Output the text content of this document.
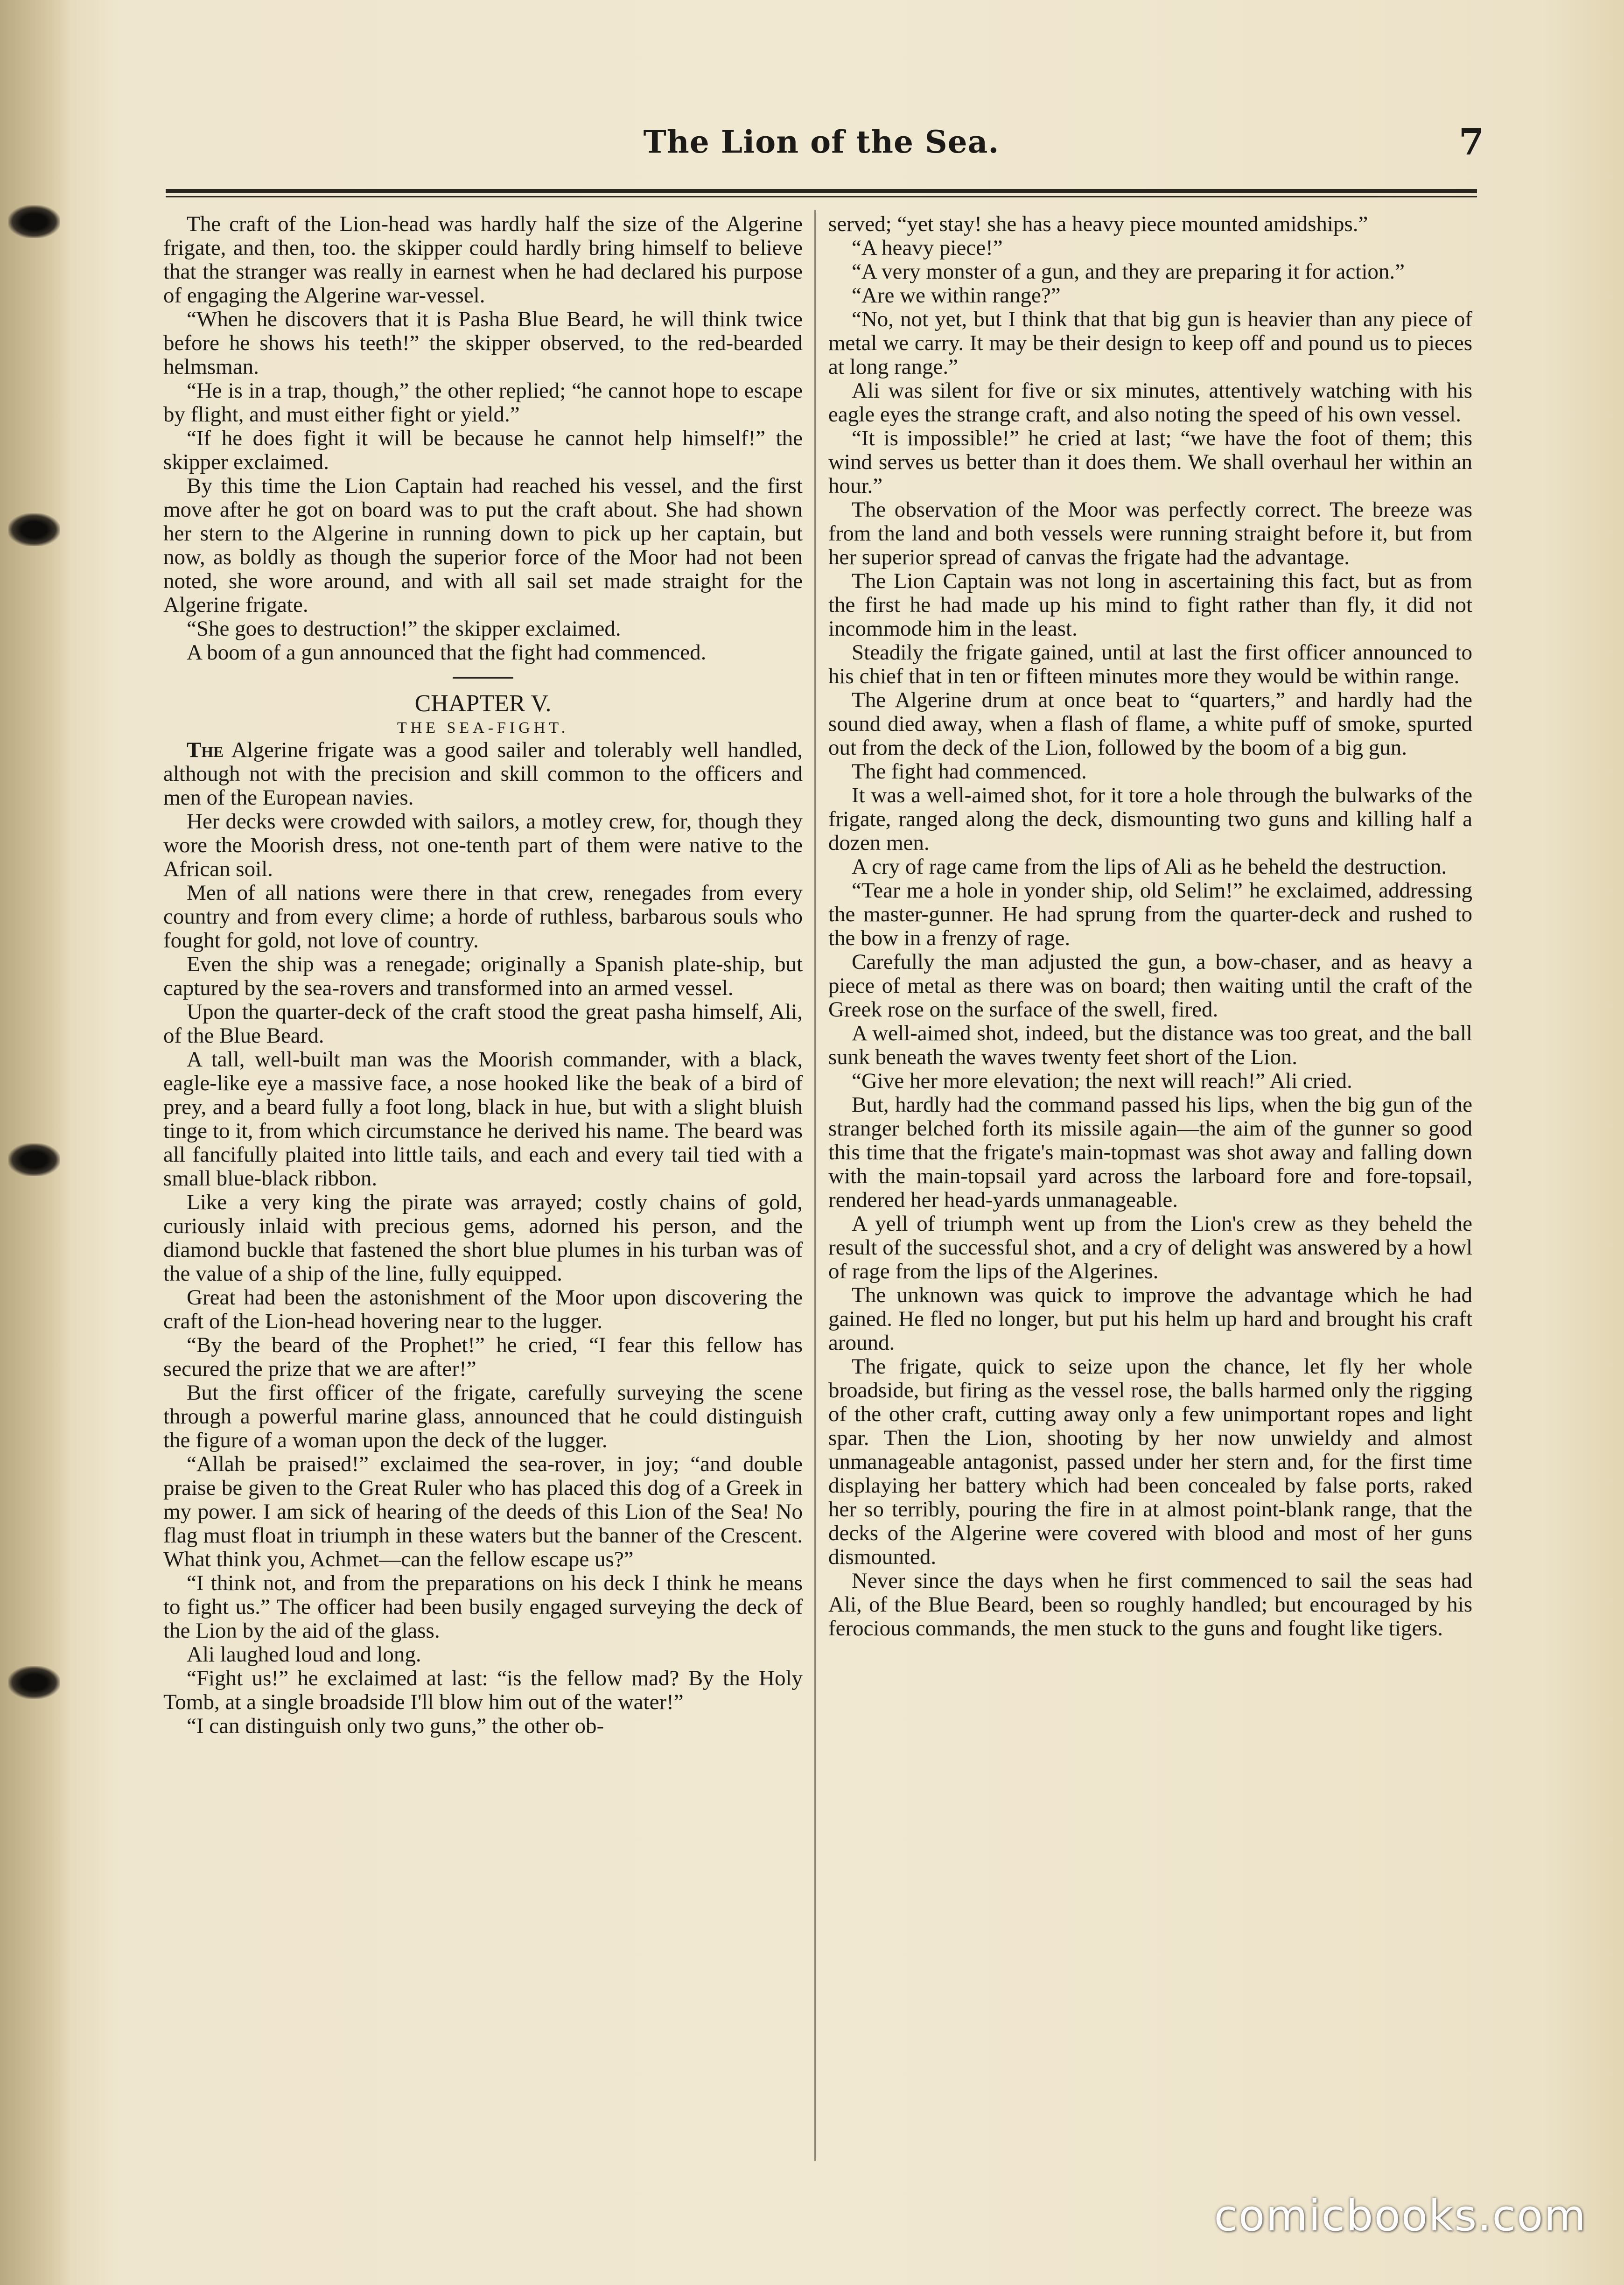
The Lion of the Sea.	7

The craft of the Lion-head was hardly half the size of the Algerine frigate, and then, too. the skipper could hardly bring himself to believe that the stranger was really in earnest when he had declared his purpose of engaging the Algerine war-vessel.

“When he discovers that it is Pasha Blue Beard, he will think twice before he shows his teeth!” the skipper observed, to the red-bearded helmsman.

“He is in a trap, though,” the other replied; “he cannot hope to escape by flight, and must either fight or yield.”

“If he does fight it will be because he cannot help himself!” the skipper exclaimed.

By this time the Lion Captain had reached his vessel, and the first move after he got on board was to put the craft about. She had shown her stern to the Algerine in running down to pick up her captain, but now, as boldly as though the superior force of the Moor had not been noted, she wore around, and with all sail set made straight for the Algerine frigate.

“She goes to destruction!” the skipper exclaimed.

A boom of a gun announced that the fight had commenced.

CHAPTER V.

THE SEA-FIGHT.

The Algerine frigate was a good sailer and tolerably well handled, although not with the precision and skill common to the officers and men of the European navies.

Her decks were crowded with sailors, a motley crew, for, though they wore the Moorish dress, not one-tenth part of them were native to the African soil.

Men of all nations were there in that crew, renegades from every country and from every clime; a horde of ruthless, barbarous souls who fought for gold, not love of country.

Even the ship was a renegade; originally a Spanish plate-ship, but captured by the sea-rovers and transformed into an armed vessel.

Upon the quarter-deck of the craft stood the great pasha himself, Ali, of the Blue Beard.

A tall, well-built man was the Moorish commander, with a black, eagle-like eye a massive face, a nose hooked like the beak of a bird of prey, and a beard fully a foot long, black in hue, but with a slight bluish tinge to it, from which circumstance he derived his name. The beard was all fancifully plaited into little tails, and each and every tail tied with a small blue-black ribbon.

Like a very king the pirate was arrayed; costly chains of gold, curiously inlaid with precious gems, adorned his person, and the diamond buckle that fastened the short blue plumes in his turban was of the value of a ship of the line, fully equipped.

Great had been the astonishment of the Moor upon discovering the craft of the Lion-head hovering near to the lugger.

“By the beard of the Prophet!” he cried, “I fear this fellow has secured the prize that we are after!”

But the first officer of the frigate, carefully surveying the scene through a powerful marine glass, announced that he could distinguish the figure of a woman upon the deck of the lugger.

“Allah be praised!” exclaimed the sea-rover, in joy; “and double praise be given to the Great Ruler who has placed this dog of a Greek in my power. I am sick of hearing of the deeds of this Lion of the Sea! No flag must float in triumph in these waters but the banner of the Crescent. What think you, Achmet—can the fellow escape us?”

“I think not, and from the preparations on his deck I think he means to fight us.” The officer had been busily engaged surveying the deck of the Lion by the aid of the glass.

Ali laughed loud and long.

“Fight us!” he exclaimed at last: “is the fellow mad? By the Holy Tomb, at a single broadside I'll blow him out of the water!”

“I can distinguish only two guns,” the other ob-

served; “yet stay! she has a heavy piece mounted amidships.”

“A heavy piece!”

“A very monster of a gun, and they are preparing it for action.”

“Are we within range?”

“No, not yet, but I think that that big gun is heavier than any piece of metal we carry. It may be their design to keep off and pound us to pieces at long range.”

Ali was silent for five or six minutes, attentively watching with his eagle eyes the strange craft, and also noting the speed of his own vessel.

“It is impossible!” he cried at last; “we have the foot of them; this wind serves us better than it does them. We shall overhaul her within an hour.”

The observation of the Moor was perfectly correct. The breeze was from the land and both vessels were running straight before it, but from her superior spread of canvas the frigate had the advantage.

The Lion Captain was not long in ascertaining this fact, but as from the first he had made up his mind to fight rather than fly, it did not incommode him in the least.

Steadily the frigate gained, until at last the first officer announced to his chief that in ten or fifteen minutes more they would be within range.

The Algerine drum at once beat to “quarters,” and hardly had the sound died away, when a flash of flame, a white puff of smoke, spurted out from the deck of the Lion, followed by the boom of a big gun.

The fight had commenced.

It was a well-aimed shot, for it tore a hole through the bulwarks of the frigate, ranged along the deck, dismounting two guns and killing half a dozen men.

A cry of rage came from the lips of Ali as he beheld the destruction.

“Tear me a hole in yonder ship, old Selim!” he exclaimed, addressing the master-gunner. He had sprung from the quarter-deck and rushed to the bow in a frenzy of rage.

Carefully the man adjusted the gun, a bow-chaser, and as heavy a piece of metal as there was on board; then waiting until the craft of the Greek rose on the surface of the swell, fired.

A well-aimed shot, indeed, but the distance was too great, and the ball sunk beneath the waves twenty feet short of the Lion.

“Give her more elevation; the next will reach!” Ali cried.

But, hardly had the command passed his lips, when the big gun of the stranger belched forth its missile again—the aim of the gunner so good this time that the frigate's main-topmast was shot away and falling down with the main-topsail yard across the larboard fore and fore-topsail, rendered her head-yards unmanageable.

A yell of triumph went up from the Lion's crew as they beheld the result of the successful shot, and a cry of delight was answered by a howl of rage from the lips of the Algerines.

The unknown was quick to improve the advantage which he had gained. He fled no longer, but put his helm up hard and brought his craft around.

The frigate, quick to seize upon the chance, let fly her whole broadside, but firing as the vessel rose, the balls harmed only the rigging of the other craft, cutting away only a few unimportant ropes and light spar. Then the Lion, shooting by her now unwieldy and almost unmanageable antagonist, passed under her stern and, for the first time displaying her battery which had been concealed by false ports, raked her so terribly, pouring the fire in at almost point-blank range, that the decks of the Algerine were covered with blood and most of her guns dismounted.

Never since the days when he first commenced to sail the seas had Ali, of the Blue Beard, been so roughly handled; but encouraged by his ferocious commands, the men stuck to the guns and fought like tigers.

comicbooks.com
